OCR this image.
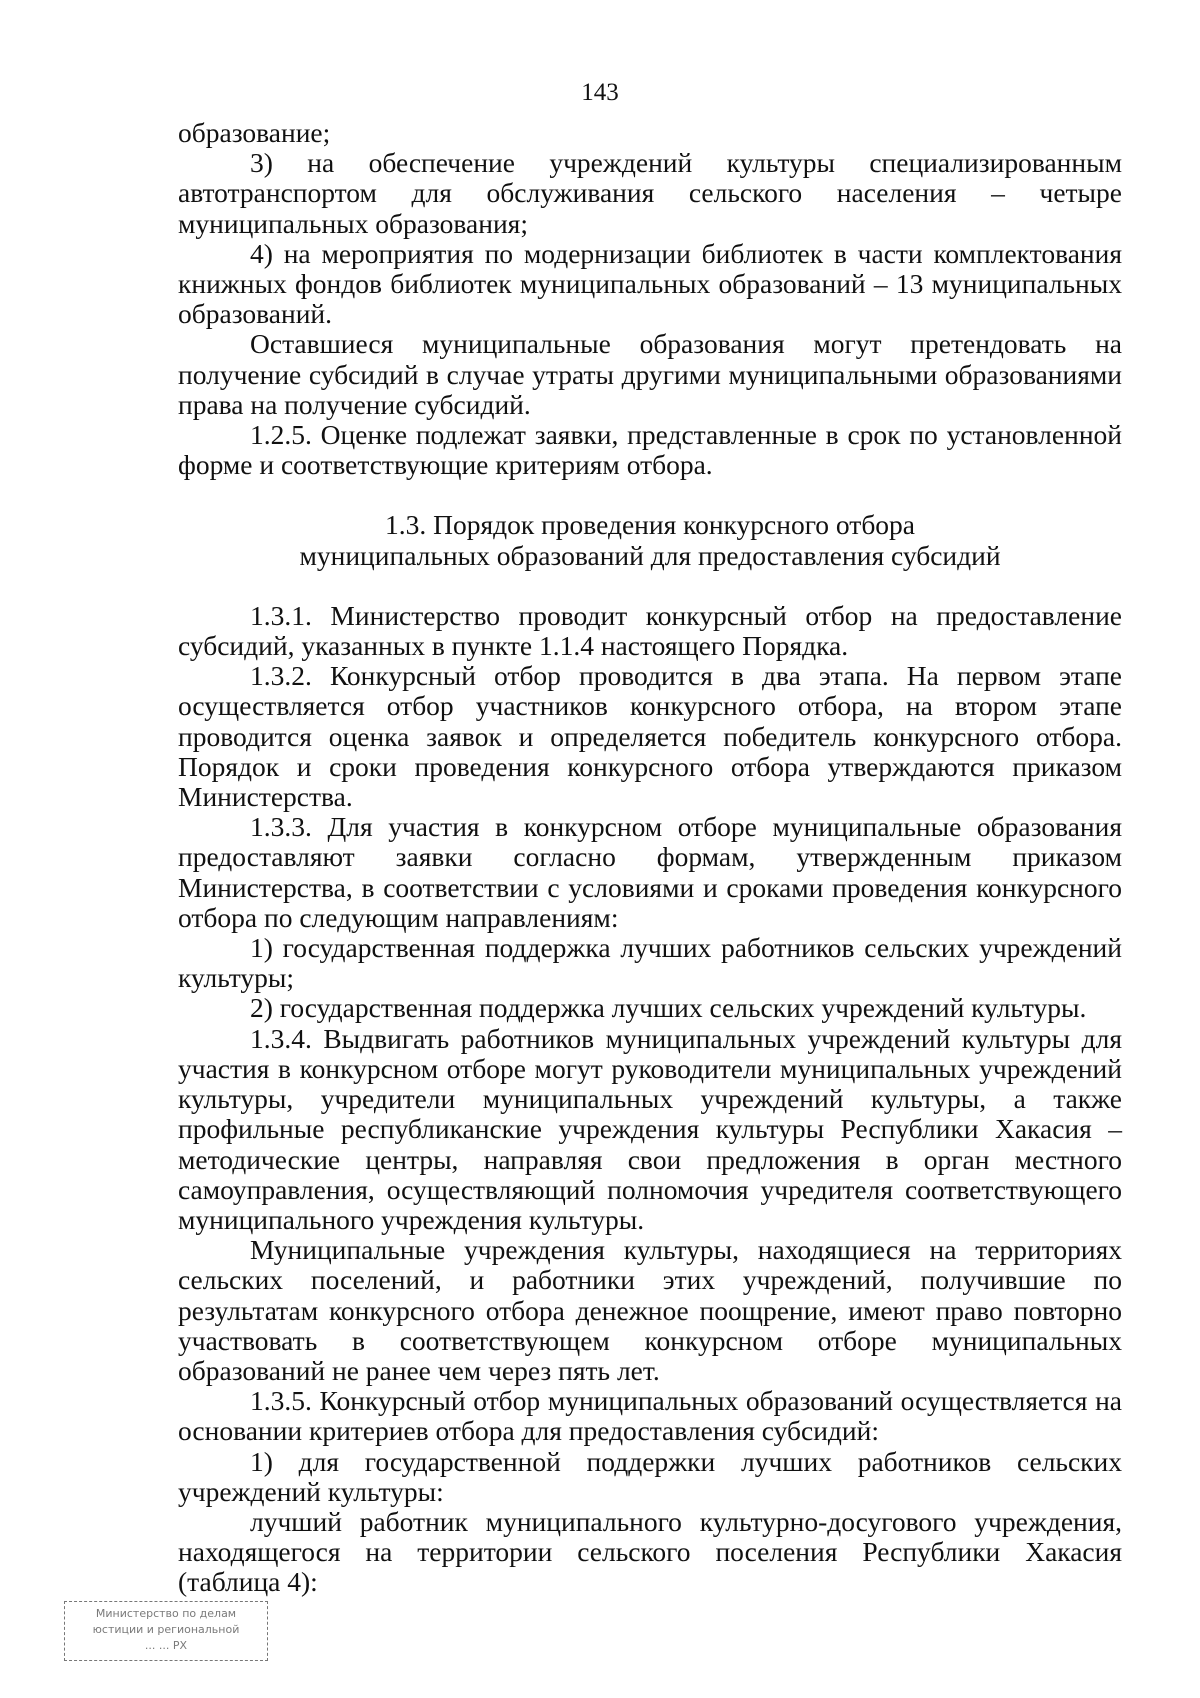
143

образование;

3) на обеспечение учреждений культуры специализированным автотранспортом для обслуживания сельского населения – четыре муниципальных образования;

4) на мероприятия по модернизации библиотек в части комплектования книжных фондов библиотек муниципальных образований – 13 муниципальных образований.

Оставшиеся муниципальные образования могут претендовать на получение субсидий в случае утраты другими муниципальными образованиями права на получение субсидий.

1.2.5. Оценке подлежат заявки, представленные в срок по установленной форме и соответствующие критериям отбора.

1.3. Порядок проведения конкурсного отбора
муниципальных образований для предоставления субсидий

1.3.1. Министерство проводит конкурсный отбор на предоставление субсидий, указанных в пункте 1.1.4 настоящего Порядка.

1.3.2. Конкурсный отбор проводится в два этапа. На первом этапе осуществляется отбор участников конкурсного отбора, на втором этапе проводится оценка заявок и определяется победитель конкурсного отбора. Порядок и сроки проведения конкурсного отбора утверждаются приказом Министерства.

1.3.3. Для участия в конкурсном отборе муниципальные образования предоставляют заявки согласно формам, утвержденным приказом Министерства, в соответствии с условиями и сроками проведения конкурсного отбора по следующим направлениям:

1) государственная поддержка лучших работников сельских учреждений культуры;

2) государственная поддержка лучших сельских учреждений культуры.

1.3.4. Выдвигать работников муниципальных учреждений культуры для участия в конкурсном отборе могут руководители муниципальных учреждений культуры, учредители муниципальных учреждений культуры, а также профильные республиканские учреждения культуры Республики Хакасия – методические центры, направляя свои предложения в орган местного самоуправления, осуществляющий полномочия учредителя соответствующего муниципального учреждения культуры.

Муниципальные учреждения культуры, находящиеся на территориях сельских поселений, и работники этих учреждений, получившие по результатам конкурсного отбора денежное поощрение, имеют право повторно участвовать в соответствующем конкурсном отборе муниципальных образований не ранее чем через пять лет.

1.3.5. Конкурсный отбор муниципальных образований осуществляется на основании критериев отбора для предоставления субсидий:

1) для государственной поддержки лучших работников сельских учреждений культуры:

лучший работник муниципального культурно-досугового учреждения, находящегося на территории сельского поселения Республики Хакасия (таблица 4):

Министерство по делам
юстиции и региональной
... ... РХ
